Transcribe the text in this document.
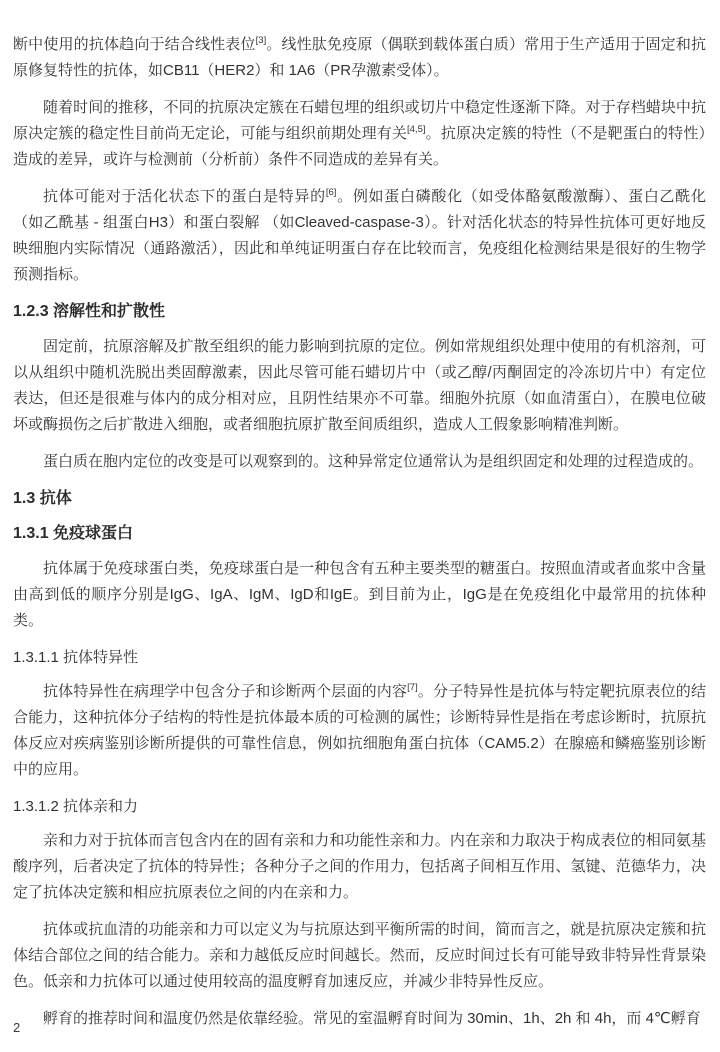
断中使用的抗体趋向于结合线性表位[3]。线性肽免疫原（偶联到载体蛋白质）常用于生产适用于固定和抗原修复特性的抗体，如CB11（HER2）和 1A6（PR孕激素受体）。

随着时间的推移，不同的抗原决定簇在石蜡包埋的组织或切片中稳定性逐渐下降。对于存档蜡块中抗原决定簇的稳定性目前尚无定论，可能与组织前期处理有关[4,5]。抗原决定簇的特性（不是靶蛋白的特性）造成的差异，或许与检测前（分析前）条件不同造成的差异有关。

抗体可能对于活化状态下的蛋白是特异的[6]。例如蛋白磷酸化（如受体酪氨酸激酶）、蛋白乙酰化（如乙酰基 - 组蛋白H3）和蛋白裂解 （如Cleaved-caspase-3）。针对活化状态的特异性抗体可更好地反映细胞内实际情况（通路激活），因此和单纯证明蛋白存在比较而言，免疫组化检测结果是很好的生物学预测指标。

1.2.3 溶解性和扩散性

固定前，抗原溶解及扩散至组织的能力影响到抗原的定位。例如常规组织处理中使用的有机溶剂，可以从组织中随机洗脱出类固醇激素，因此尽管可能石蜡切片中（或乙醇/丙酮固定的冷冻切片中）有定位表达，但还是很难与体内的成分相对应，且阴性结果亦不可靠。细胞外抗原（如血清蛋白），在膜电位破坏或酶损伤之后扩散进入细胞，或者细胞抗原扩散至间质组织，造成人工假象影响精准判断。

蛋白质在胞内定位的改变是可以观察到的。这种异常定位通常认为是组织固定和处理的过程造成的。

1.3 抗体
1.3.1 免疫球蛋白

抗体属于免疫球蛋白类，免疫球蛋白是一种包含有五种主要类型的糖蛋白。按照血清或者血浆中含量由高到低的顺序分别是IgG、IgA、IgM、IgD和IgE。到目前为止，IgG是在免疫组化中最常用的抗体种类。

1.3.1.1 抗体特异性

抗体特异性在病理学中包含分子和诊断两个层面的内容[7]。分子特异性是抗体与特定靶抗原表位的结合能力，这种抗体分子结构的特性是抗体最本质的可检测的属性；诊断特异性是指在考虑诊断时，抗原抗体反应对疾病鉴别诊断所提供的可靠性信息，例如抗细胞角蛋白抗体（CAM5.2）在腺癌和鳞癌鉴别诊断中的应用。

1.3.1.2 抗体亲和力

亲和力对于抗体而言包含内在的固有亲和力和功能性亲和力。内在亲和力取决于构成表位的相同氨基酸序列，后者决定了抗体的特异性；各种分子之间的作用力，包括离子间相互作用、氢键、范德华力，决定了抗体决定簇和相应抗原表位之间的内在亲和力。

抗体或抗血清的功能亲和力可以定义为与抗原达到平衡所需的时间，简而言之，就是抗原决定簇和抗体结合部位之间的结合能力。亲和力越低反应时间越长。然而，反应时间过长有可能导致非特异性背景染色。低亲和力抗体可以通过使用较高的温度孵育加速反应，并减少非特异性反应。

孵育的推荐时间和温度仍然是依靠经验。常见的室温孵育时间为 30min、1h、2h 和 4h，而 4℃孵育

2
